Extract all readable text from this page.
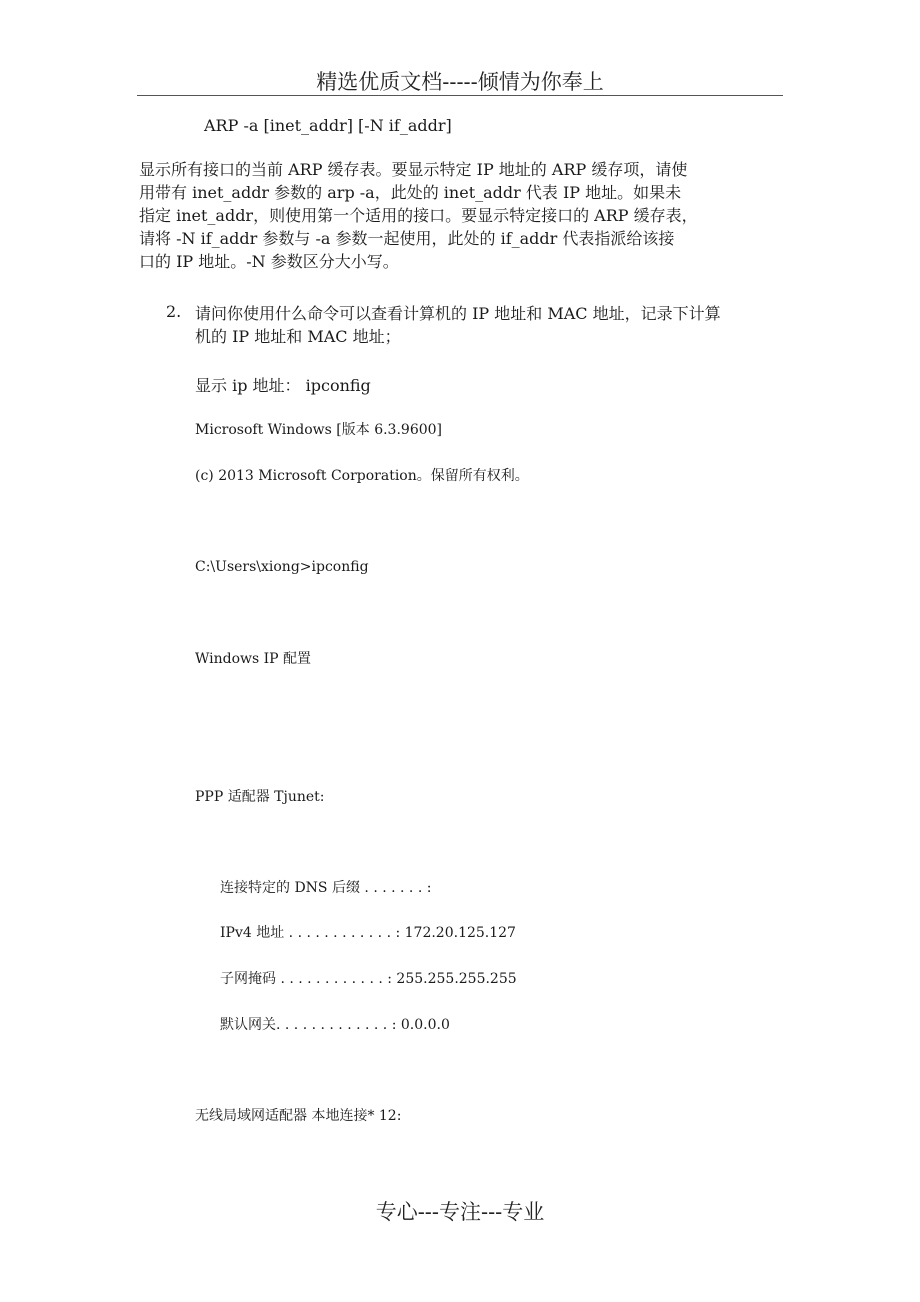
精选优质文档-----倾情为你奉上
ARP -a [inet_addr] [-N if_addr]
显示所有接口的当前 ARP 缓存表。要显示特定 IP 地址的 ARP 缓存项，请使
用带有 inet_addr 参数的 arp -a，此处的 inet_addr 代表 IP 地址。如果未
指定 inet_addr，则使用第一个适用的接口。要显示特定接口的 ARP 缓存表，
请将 -N if_addr 参数与 -a 参数一起使用，此处的 if_addr 代表指派给该接
口的 IP 地址。-N 参数区分大小写。
2. 请问你使用什么命令可以查看计算机的 IP 地址和 MAC 地址，记录下计算
机的 IP 地址和 MAC 地址；
显示 ip 地址： ipconfig
Microsoft Windows [版本 6.3.9600]
(c) 2013 Microsoft Corporation。保留所有权利。
C:\Users\xiong>ipconfig
Windows IP 配置
PPP 适配器 Tjunet:
连接特定的 DNS 后缀 . . . . . . . :
IPv4 地址 . . . . . . . . . . . . : 172.20.125.127
子网掩码 . . . . . . . . . . . . : 255.255.255.255
默认网关. . . . . . . . . . . . . : 0.0.0.0
无线局域网适配器 本地连接* 12:
专心---专注---专业
